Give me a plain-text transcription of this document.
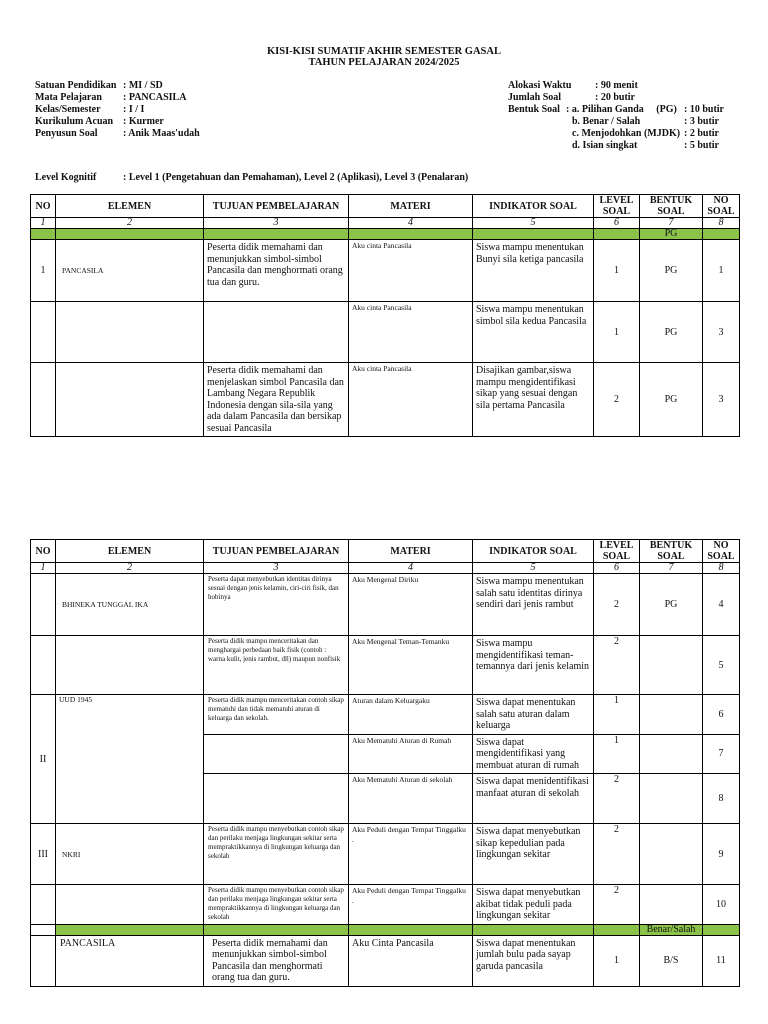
KISI-KISI SUMATIF AKHIR SEMESTER GASAL
TAHUN PELAJARAN 2024/2025
Satuan Pendidikan : MI / SD
Mata Pelajaran	: PANCASILA
Kelas/Semester	: I / I
Kurikulum Acuan : Kurmer
Penyusun Soal	: Anik Maas'udah
Alokasi Waktu	: 90 menit
Jumlah Soal	: 20 butir
Bentuk Soal : a. Pilihan Ganda     (PG) : 10 butir
b. Benar / Salah	: 3 butir
c. Menjodohkan (MJDK) : 2 butir
d. Isian singkat	: 5 butir
Level Kognitif	: Level 1 (Pengetahuan dan Pemahaman), Level 2 (Aplikasi), Level 3 (Penalaran)
NO	ELEMEN	TUJUAN PEMBELAJARAN	MATERI	INDIKATOR SOAL	LEVEL SOAL	BENTUK SOAL	NO SOAL
1	2	3	4	5	6	7	8
						PG	
1	PANCASILA	Peserta didik memahami dan menunjukkan simbol-simbol Pancasila dan menghormati orang tua dan guru.	Aku cinta Pancasila	Siswa mampu menentukan Bunyi sila ketiga pancasila	1	PG	1
			Aku cinta Pancasila	Siswa mampu menentukan simbol sila kedua Pancasila	1	PG	3
		Peserta didik memahami dan menjelaskan simbol Pancasila dan Lambang Negara Republik Indonesia dengan sila-sila yang ada dalam Pancasila dan bersikap sesuai Pancasila	Aku cinta Pancasila	Disajikan gambar,siswa mampu mengidentifikasi sikap yang sesuai dengan sila pertama Pancasila	2	PG	3
NO	ELEMEN	TUJUAN PEMBELAJARAN	MATERI	INDIKATOR SOAL	LEVEL SOAL	BENTUK SOAL	NO SOAL
1	2	3	4	5	6	7	8
	BHINEKA TUNGGAL IKA	Peserta dapat menyebutkan identitas dirinya sesuai dengan jenis kelamin, ciri-ciri fisik, dan hobinya	Aku Mengenal Diriku	Siswa mampu menentukan salah satu identitas dirinya sendiri dari jenis rambut	2	PG	4
		Peserta didik mampu menceritakan dan menghargai perbedaan baik fisik (contoh : warna kulit, jenis rambut, dll) maupun nonfisik	Aku Mengenal Teman-Temanku	Siswa mampu mengidentifikasi teman-temannya dari jenis kelamin	2		5
II	UUD 1945	Peserta didik mampu menceritakan contoh sikap mematuhi dan tidak mematuhi aturan di keluarga dan sekolah.	Aturan dalam Keluargaku	Siswa dapat menentukan salah satu aturan dalam keluarga	1		6
			Aku Mematuhi Aturan di Rumah	Siswa dapat mengidentifikasi yang membuat aturan di rumah	1		7
			Aku Mematuhi Aturan di sekolah	Siswa dapat menidentifikasi manfaat aturan di sekolah	2		8
III	NKRI	Peserta didik mampu menyebutkan contoh sikap dan perilaku menjaga lingkungan sekitar serta mempraktikkannya di lingkungan keluarga dan sekolah	Aku Peduli dengan Tempat Tinggalku .	Siswa dapat menyebutkan sikap kepedulian pada lingkungan sekitar	2		9
		Peserta didik mampu menyebutkan contoh sikap dan perilaku menjaga lingkungan sekitar serta mempraktikkannya di lingkungan keluarga dan sekolah	Aku Peduli dengan Tempat Tinggalku .	Siswa dapat menyebutkan akibat tidak peduli pada lingkungan sekitar	2		10
						Benar/Salah	
	PANCASILA	Peserta didik memahami dan menunjukkan simbol-simbol Pancasila dan menghormati orang tua dan guru.	Aku Cinta Pancasila	Siswa dapat menentukan jumlah bulu pada sayap garuda pancasila	1	B/S	11
